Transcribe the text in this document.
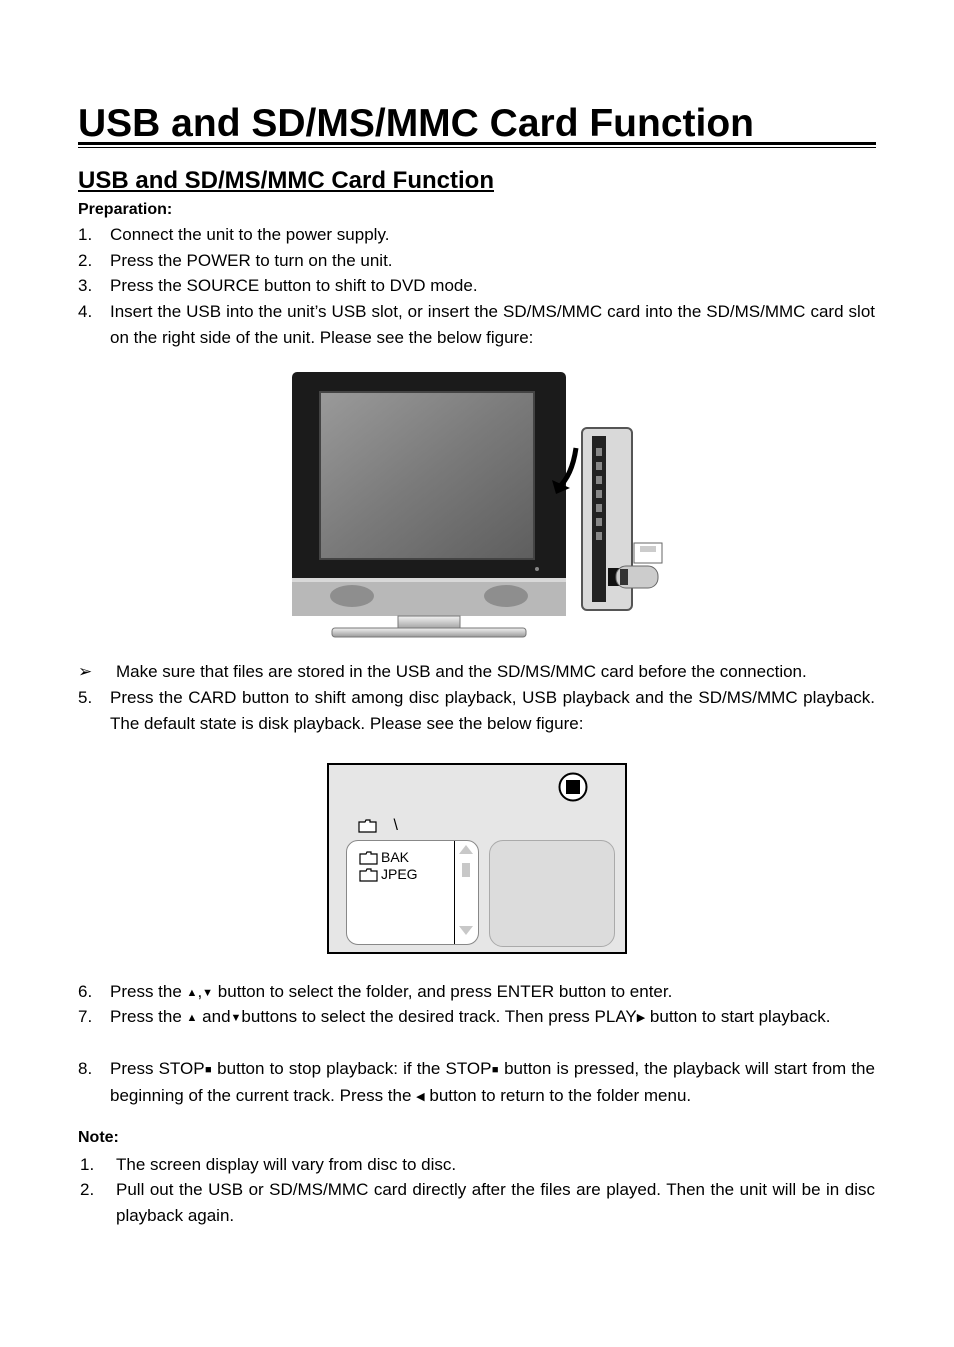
USB and SD/MS/MMC Card Function
USB and SD/MS/MMC Card Function
Preparation:
1. Connect the unit to the power supply.
2. Press the POWER to turn on the unit.
3. Press the SOURCE button to shift to DVD mode.
4. Insert the USB into the unit’s USB slot, or insert the SD/MS/MMC card into the SD/MS/MMC card slot on the right side of the unit. Please see the below figure:
➢ Make sure that files are stored in the USB and the SD/MS/MMC card before the connection.
5. Press the CARD button to shift among disc playback, USB playback and the SD/MS/MMC playback. The default state is disk playback. Please see the below figure:
\
BAK
JPEG
6. Press the ▲,▼ button to select the folder, and press ENTER button to enter.
7. Press the ▲ and▼buttons to select the desired track. Then press PLAY▶ button to start playback.
8. Press STOP■ button to stop playback: if the STOP■ button is pressed, the playback will start from the beginning of the current track. Press the ◀ button to return to the folder menu.
Note:
1. The screen display will vary from disc to disc.
2. Pull out the USB or SD/MS/MMC card directly after the files are played. Then the unit will be in disc playback again.
